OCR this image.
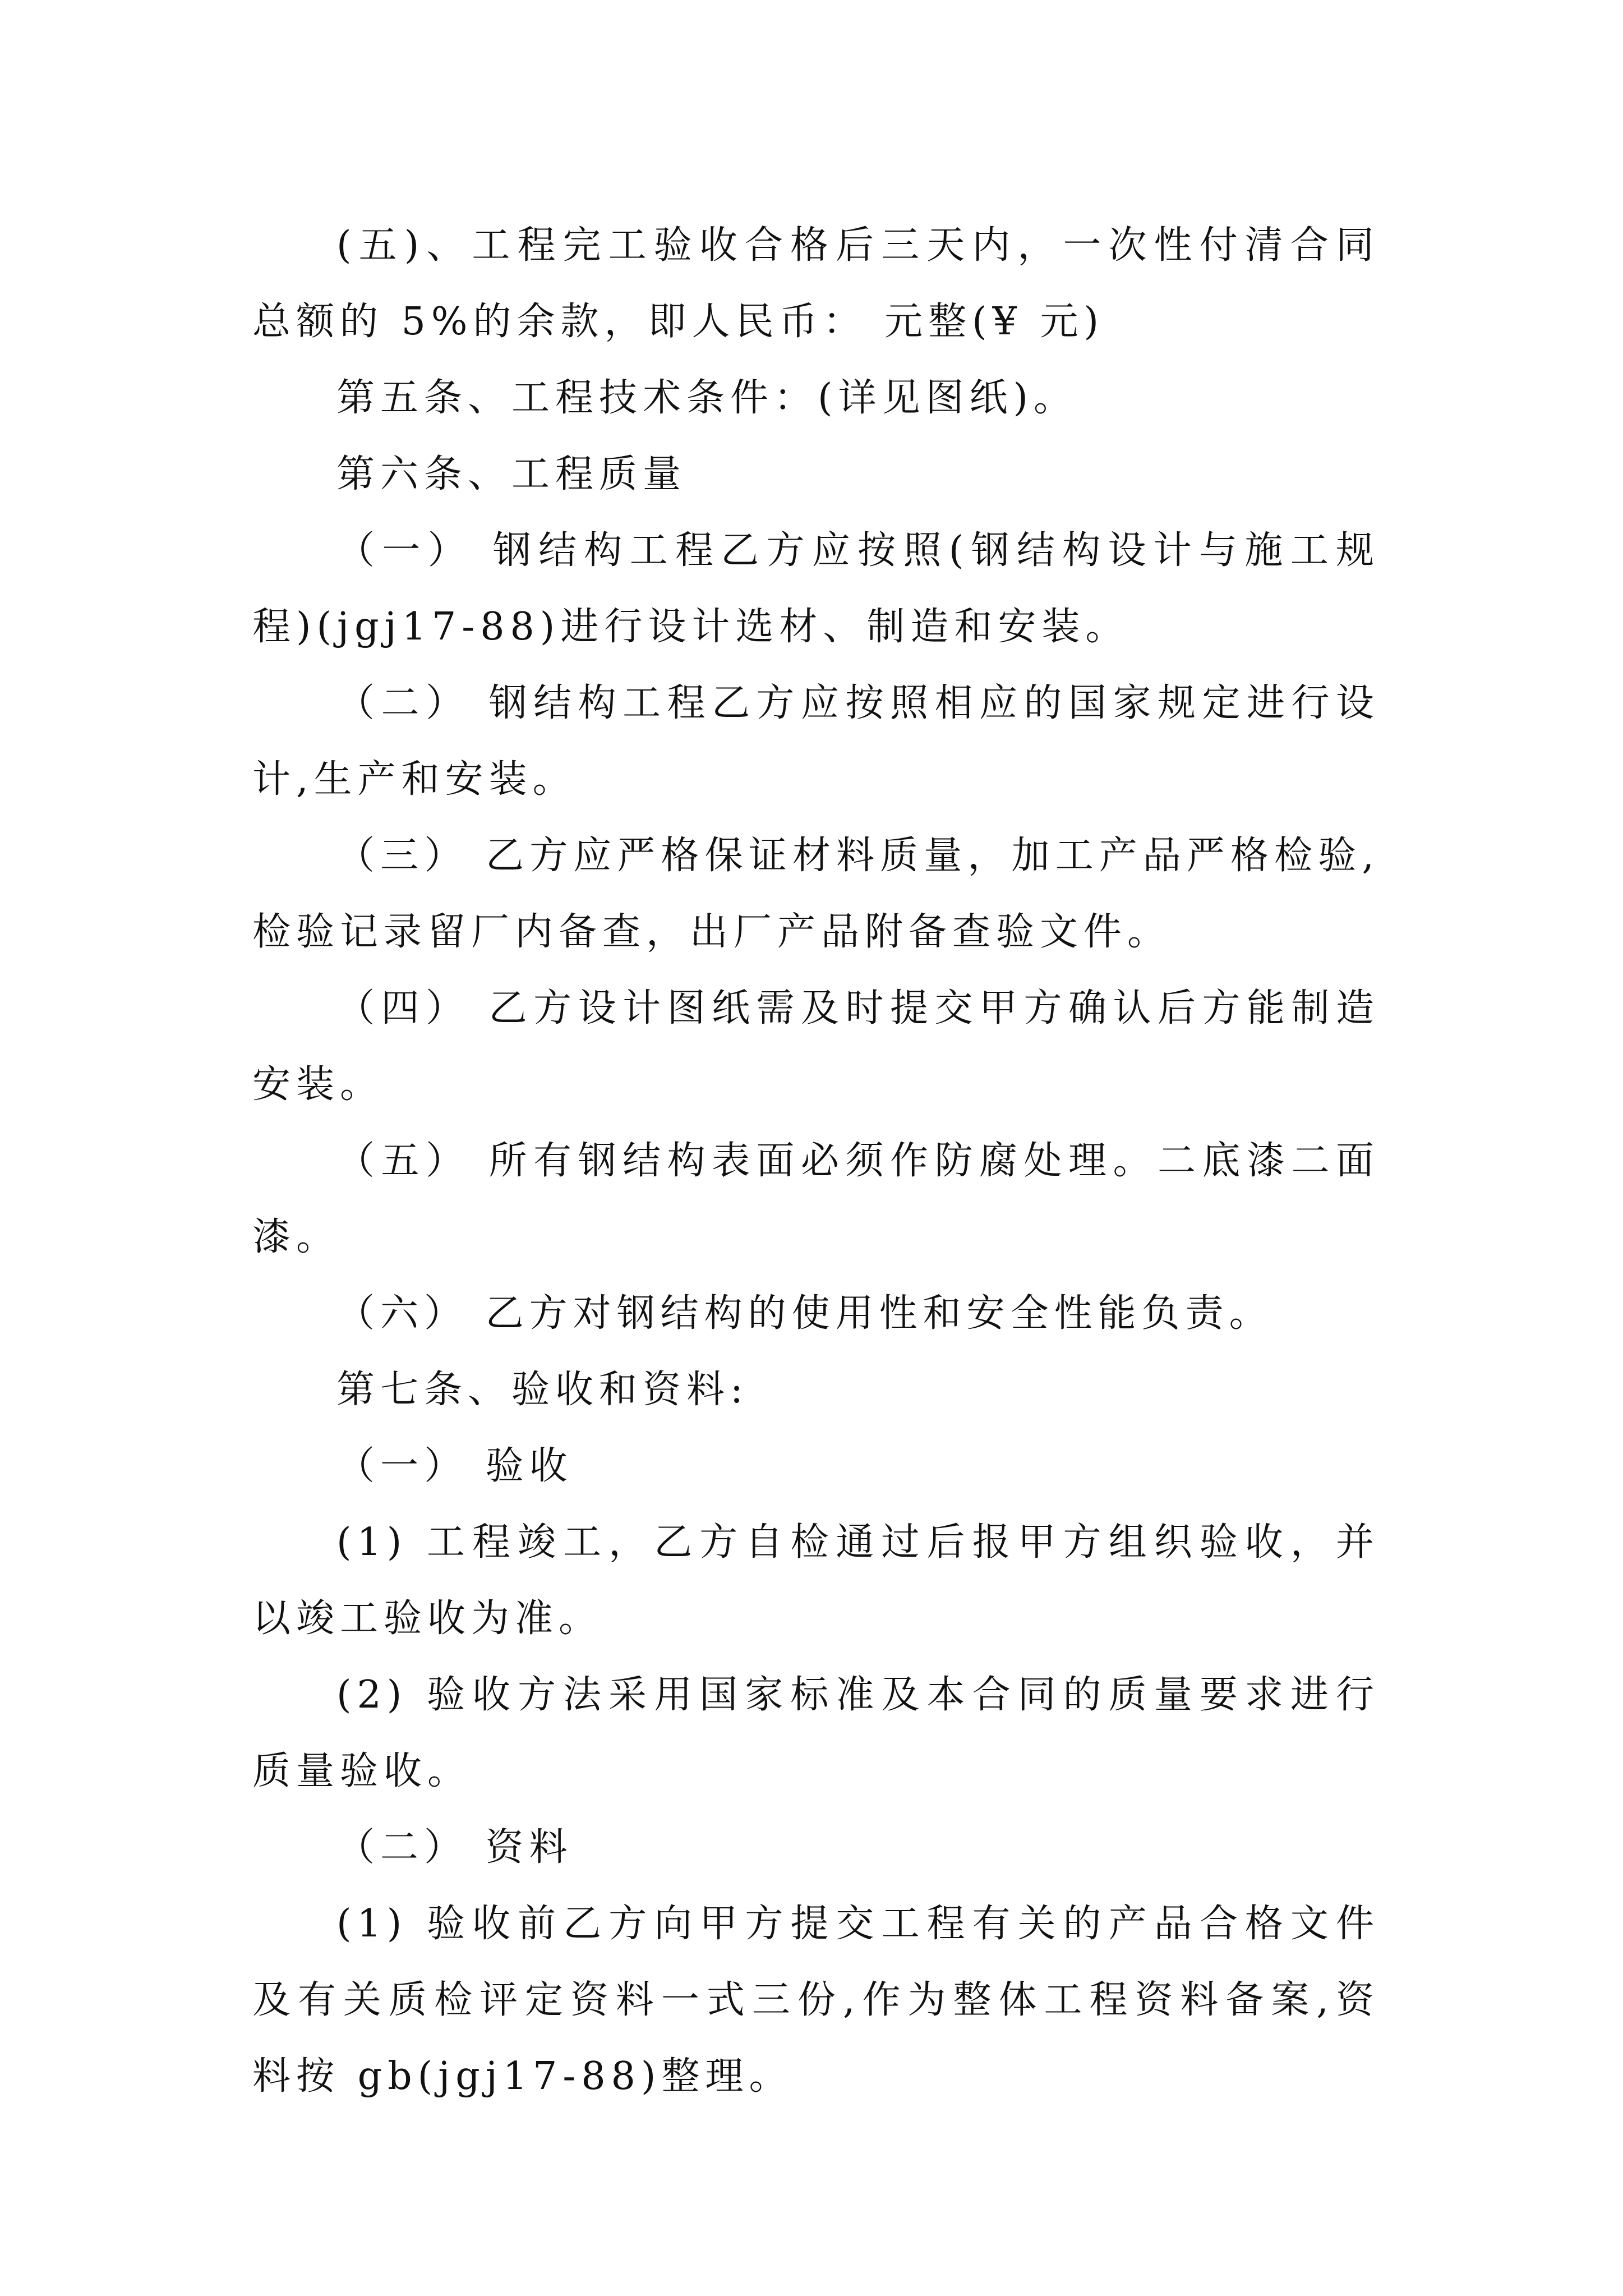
(五)、工程完工验收合格后三天内，一次性付清合同总额的 5%的余款，即人民币： 元整(¥ 元)

第五条、工程技术条件：(详见图纸)。

第六条、工程质量

（一） 钢结构工程乙方应按照(钢结构设计与施工规程)(jgj17-88)进行设计选材、制造和安装。

（二） 钢结构工程乙方应按照相应的国家规定进行设计,生产和安装。

（三） 乙方应严格保证材料质量，加工产品严格检验,检验记录留厂内备查，出厂产品附备查验文件。

（四） 乙方设计图纸需及时提交甲方确认后方能制造安装。

（五） 所有钢结构表面必须作防腐处理。二底漆二面漆。

（六） 乙方对钢结构的使用性和安全性能负责。

第七条、验收和资料:

（一） 验收

(1) 工程竣工，乙方自检通过后报甲方组织验收，并以竣工验收为准。

(2) 验收方法采用国家标准及本合同的质量要求进行质量验收。

（二） 资料

(1) 验收前乙方向甲方提交工程有关的产品合格文件及有关质检评定资料一式三份,作为整体工程资料备案,资料按 gb(jgj17-88)整理。
